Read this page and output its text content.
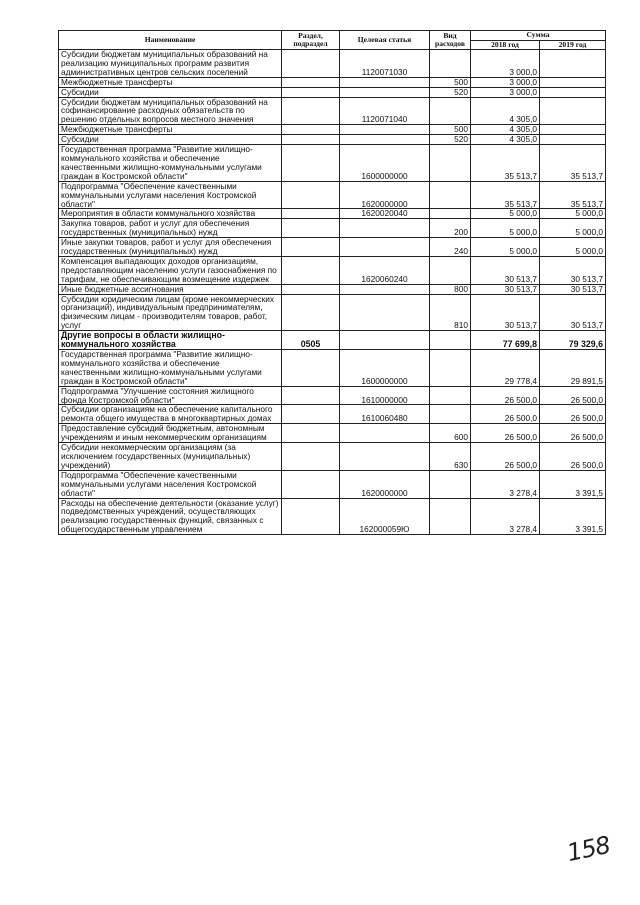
Наименование	Раздел, подраздел	Целевая статья	Вид расходов	Сумма	
				2018 год	2019 год
Субсидии бюджетам муниципальных образований на реализацию муниципальных программ развития административных центров сельских поселений		1120071030		3 000,0	
Межбюджетные трансферты			500	3 000,0	
Субсидии			520	3 000,0	
Субсидии бюджетам муниципальных образований на софинансирование расходных обязательств по решению отдельных вопросов местного значения		1120071040		4 305,0	
Межбюджетные трансферты			500	4 305,0	
Субсидии			520	4 305,0	
Государственная программа "Развитие жилищно-коммунального хозяйства и обеспечение качественными жилищно-коммунальными услугами граждан в Костромской области"		1600000000		35 513,7	35 513,7
Подпрограмма "Обеспечение качественными коммунальными услугами населения Костромской области"		1620000000		35 513,7	35 513,7
Мероприятия в области коммунального хозяйства		1620020040		5 000,0	5 000,0
Закупка товаров, работ и услуг для обеспечения государственных (муниципальных) нужд			200	5 000,0	5 000,0
Иные закупки товаров, работ и услуг для обеспечения государственных (муниципальных) нужд			240	5 000,0	5 000,0
Компенсация выпадающих доходов организациям, предоставляющим населению услуги газоснабжения по тарифам, не обеспечивающим возмещение издержек		1620060240		30 513,7	30 513,7
Иные бюджетные ассигнования			800	30 513,7	30 513,7
Субсидии юридическим лицам (кроме некоммерческих организаций), индивидуальным предпринимателям, физическим лицам - производителям товаров, работ, услуг			810	30 513,7	30 513,7
Другие вопросы в области жилищно-коммунального хозяйства	0505			77 699,8	79 329,6
Государственная программа "Развитие жилищно-коммунального хозяйства и обеспечение качественными жилищно-коммунальными услугами граждан в Костромской области"		1600000000		29 778,4	29 891,5
Подпрограмма "Улучшение состояния жилищного фонда Костромской области"		1610000000		26 500,0	26 500,0
Субсидии организациям на обеспечение капитального ремонта общего имущества в многоквартирных домах		1610060480		26 500,0	26 500,0
Предоставление субсидий бюджетным, автономным учреждениям и иным некоммерческим организациям			600	26 500,0	26 500,0
Субсидии некоммерческим организациям (за исключением государственных (муниципальных) учреждений)			630	26 500,0	26 500,0
Подпрограмма "Обеспечение качественными коммунальными услугами населения Костромской области"		1620000000		3 278,4	3 391,5
Расходы на обеспечение деятельности (оказание услуг) подведомственных учреждений, осуществляющих реализацию государственных функций, связанных с общегосударственным управлением		162000059Ю		3 278,4	3 391,5
158
